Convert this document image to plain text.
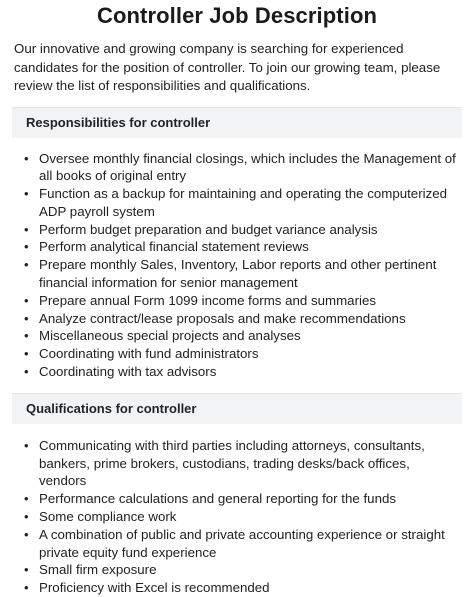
Controller Job Description

Our innovative and growing company is searching for experienced candidates for the position of controller. To join our growing team, please review the list of responsibilities and qualifications.

Responsibilities for controller
• Oversee monthly financial closings, which includes the Management of all books of original entry
• Function as a backup for maintaining and operating the computerized ADP payroll system
• Perform budget preparation and budget variance analysis
• Perform analytical financial statement reviews
• Prepare monthly Sales, Inventory, Labor reports and other pertinent financial information for senior management
• Prepare annual Form 1099 income forms and summaries
• Analyze contract/lease proposals and make recommendations
• Miscellaneous special projects and analyses
• Coordinating with fund administrators
• Coordinating with tax advisors
Qualifications for controller
• Communicating with third parties including attorneys, consultants, bankers, prime brokers, custodians, trading desks/back offices, vendors
• Performance calculations and general reporting for the funds
• Some compliance work
• A combination of public and private accounting experience or straight private equity fund experience
• Small firm exposure
• Proficiency with Excel is recommended
